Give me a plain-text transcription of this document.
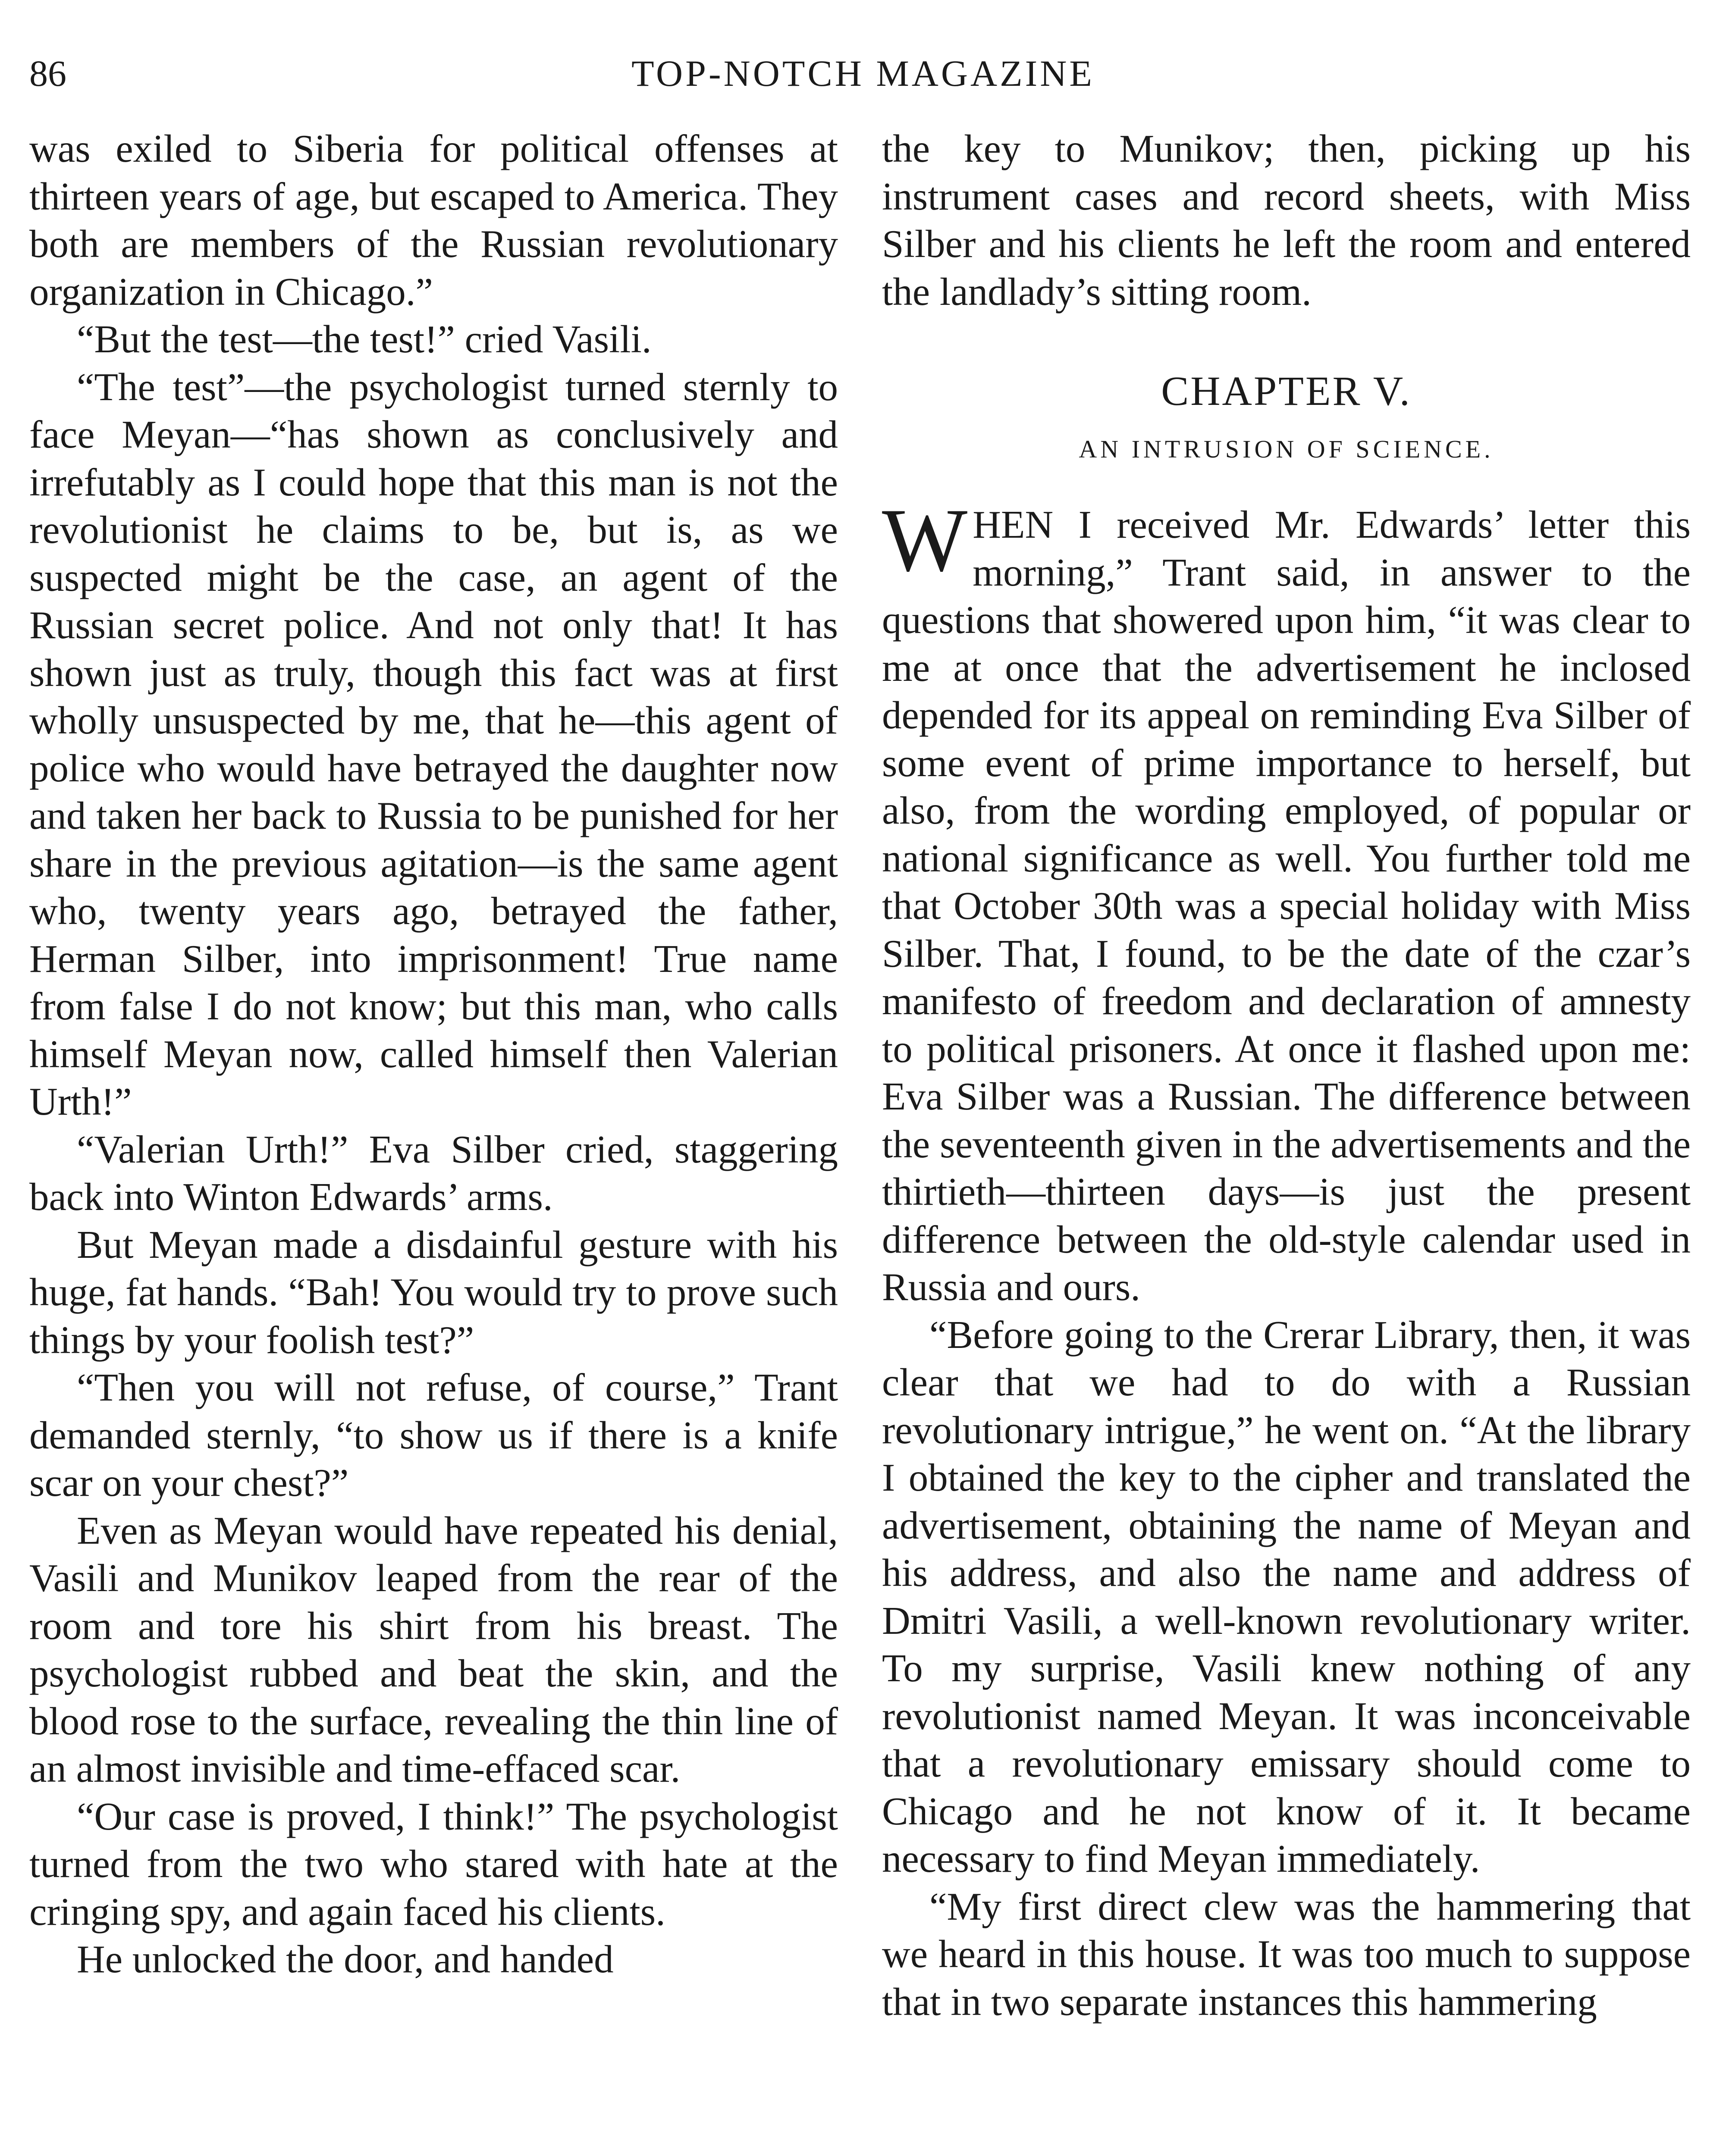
86	TOP-NOTCH MAGAZINE

was exiled to Siberia for political offenses at thirteen years of age, but escaped to America. They both are members of the Russian revolutionary organization in Chicago.”

“But the test—the test!” cried Vasili.

“The test”—the psychologist turned sternly to face Meyan—“has shown as conclusively and irrefutably as I could hope that this man is not the revolutionist he claims to be, but is, as we suspected might be the case, an agent of the Russian secret police. And not only that! It has shown just as truly, though this fact was at first wholly unsuspected by me, that he—this agent of police who would have betrayed the daughter now and taken her back to Russia to be punished for her share in the previous agitation—is the same agent who, twenty years ago, betrayed the father, Herman Silber, into imprisonment! True name from false I do not know; but this man, who calls himself Meyan now, called himself then Valerian Urth!”

“Valerian Urth!” Eva Silber cried, staggering back into Winton Edwards’ arms.

But Meyan made a disdainful gesture with his huge, fat hands. “Bah! You would try to prove such things by your foolish test?”

“Then you will not refuse, of course,” Trant demanded sternly, “to show us if there is a knife scar on your chest?”

Even as Meyan would have repeated his denial, Vasili and Munikov leaped from the rear of the room and tore his shirt from his breast. The psychologist rubbed and beat the skin, and the blood rose to the surface, revealing the thin line of an almost invisible and time-effaced scar.

“Our case is proved, I think!” The psychologist turned from the two who stared with hate at the cringing spy, and again faced his clients.

He unlocked the door, and handed

the key to Munikov; then, picking up his instrument cases and record sheets, with Miss Silber and his clients he left the room and entered the landlady’s sitting room.

CHAPTER V.
AN INTRUSION OF SCIENCE.

WHEN I received Mr. Edwards’ letter this morning,” Trant said, in answer to the questions that showered upon him, “it was clear to me at once that the advertisement he inclosed depended for its appeal on reminding Eva Silber of some event of prime importance to herself, but also, from the wording employed, of popular or national significance as well. You further told me that October 30th was a special holiday with Miss Silber. That, I found, to be the date of the czar’s manifesto of freedom and declaration of amnesty to political prisoners. At once it flashed upon me: Eva Silber was a Russian. The difference between the seventeenth given in the advertisements and the thirtieth—thirteen days—is just the present difference between the old-style calendar used in Russia and ours.

“Before going to the Crerar Library, then, it was clear that we had to do with a Russian revolutionary intrigue,” he went on. “At the library I obtained the key to the cipher and translated the advertisement, obtaining the name of Meyan and his address, and also the name and address of Dmitri Vasili, a well-known revolutionary writer. To my surprise, Vasili knew nothing of any revolutionist named Meyan. It was inconceivable that a revolutionary emissary should come to Chicago and he not know of it. It became necessary to find Meyan immediately.

“My first direct clew was the hammering that we heard in this house. It was too much to suppose that in two separate instances this hammering
